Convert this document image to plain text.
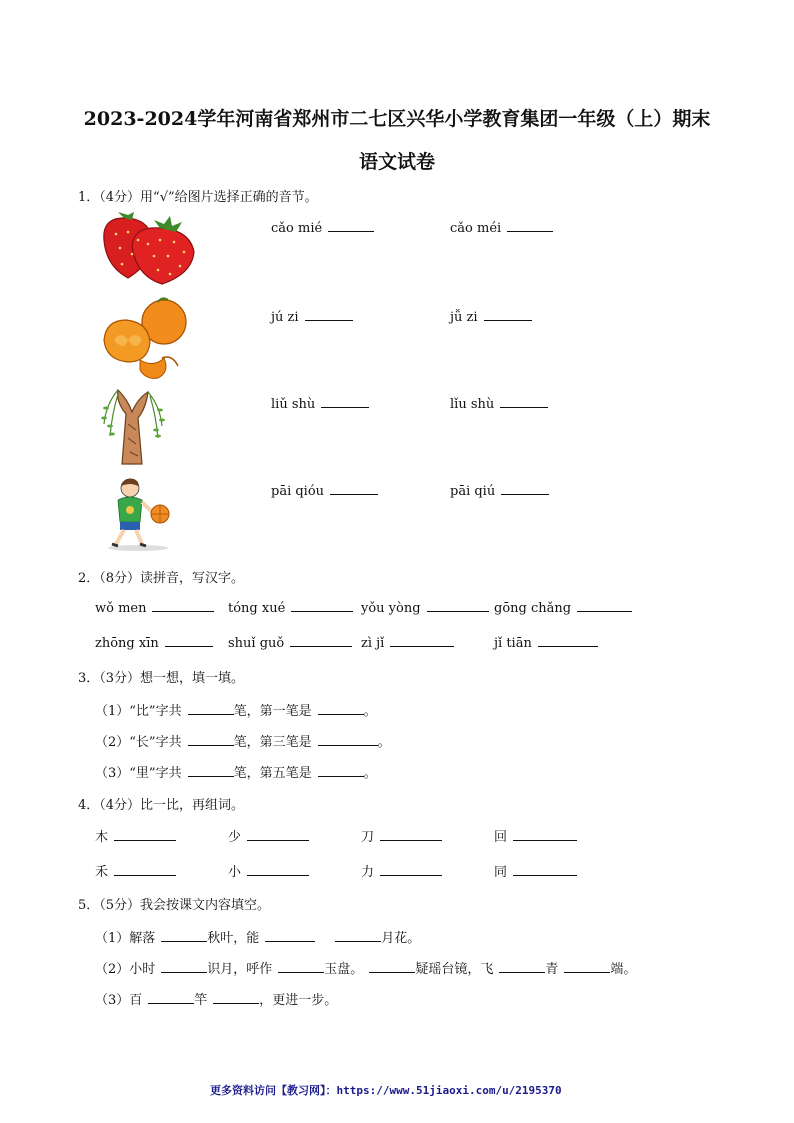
2023-2024学年河南省郑州市二七区兴华小学教育集团一年级（上）期末
语文试卷
1．（4分）用“√”给图片选择正确的音节。
cǎo mié	cǎo méi
jú zi	jǚ zi
liǔ shù	lǐu shù
pāi qióu	pāi qiú
2．（8分）读拼音，写汉字。
wǒ men	tóng xué	yǒu yòng	gōng chǎng
zhōng xīn	shuǐ guǒ	zì jǐ	jǐ tiān
3．（3分）想一想，填一填。
（1）“比”字共	笔，第一笔是	。
（2）“长”字共	笔，第三笔是	。
（3）“里”字共	笔，第五笔是	。
4．（4分）比一比，再组词。
木	少	刀	回
禾	小	力	同
5．（5分）我会按课文内容填空。
（1）解落	秋叶，能	月花。
（2）小时	识月，呼作	玉盘。	疑瑶台镜，飞	青	端。
（3）百	竿	，更进一步。
更多资料访问【教习网】：https://www.51jiaoxi.com/u/2195370
